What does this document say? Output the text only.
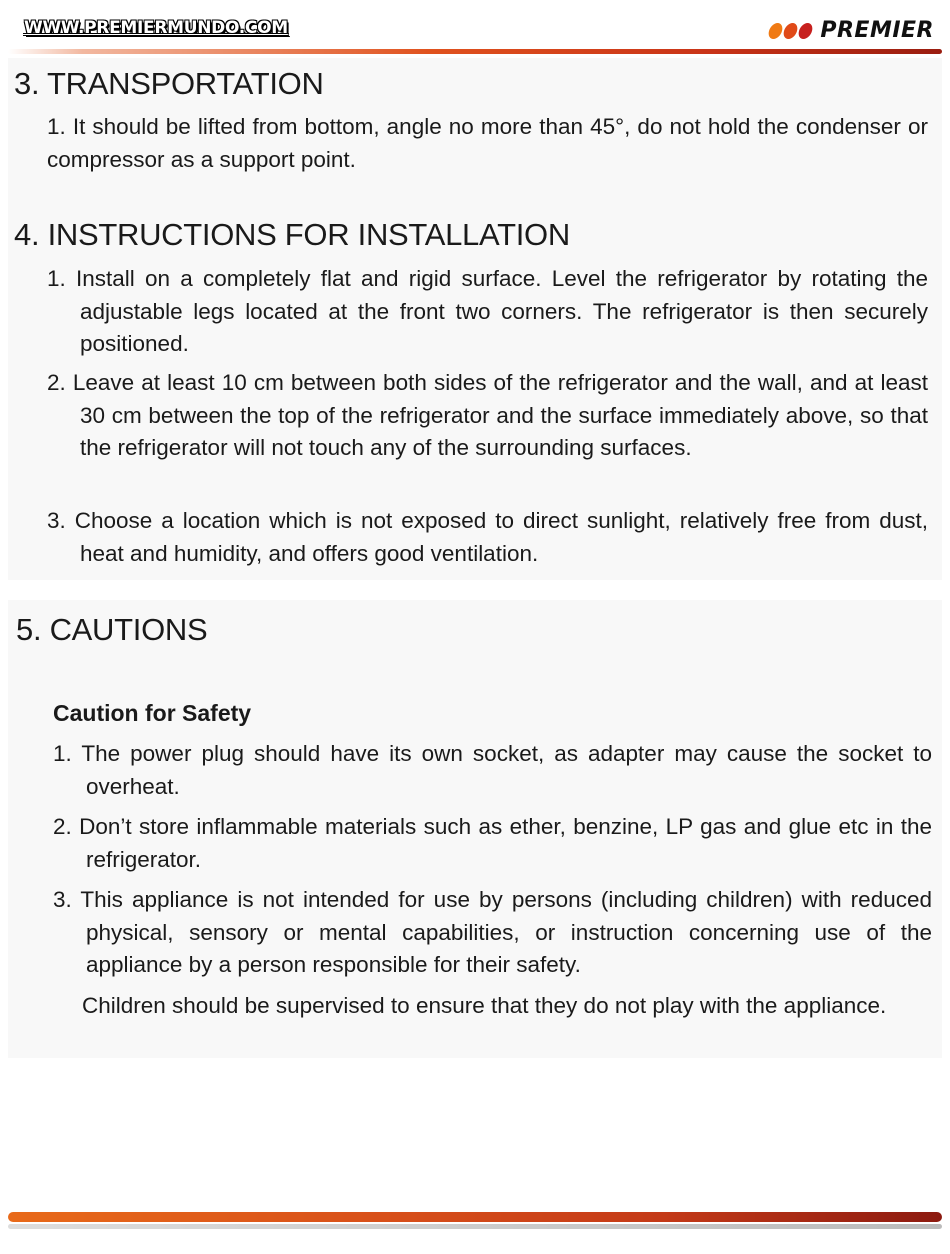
WWW.PREMIERMUNDO.COM	PREMIER
3. TRANSPORTATION

1. It should be lifted from bottom, angle no more than 45°, do not hold the condenser or compressor as a support point.

4. INSTRUCTIONS FOR INSTALLATION

1. Install on a completely flat and rigid surface. Level the refrigerator by rotating the adjustable legs located at the front two corners. The refrigerator is then securely positioned.

2. Leave at least 10 cm between both sides of the refrigerator and the wall, and at least 30 cm between the top of the refrigerator and the surface immediately above, so that the refrigerator will not touch any of the surrounding surfaces.

3. Choose a location which is not exposed to direct sunlight, relatively free from dust, heat and humidity, and offers good ventilation.

5. CAUTIONS
Caution for Safety

1. The power plug should have its own socket, as adapter may cause the socket to overheat.

2. Don’t store inflammable materials such as ether, benzine, LP gas and glue etc in the refrigerator.

3. This appliance is not intended for use by persons (including children) with reduced physical, sensory or mental capabilities, or instruction concerning use of the appliance by a person responsible for their safety.

Children should be supervised to ensure that they do not play with the appliance.
